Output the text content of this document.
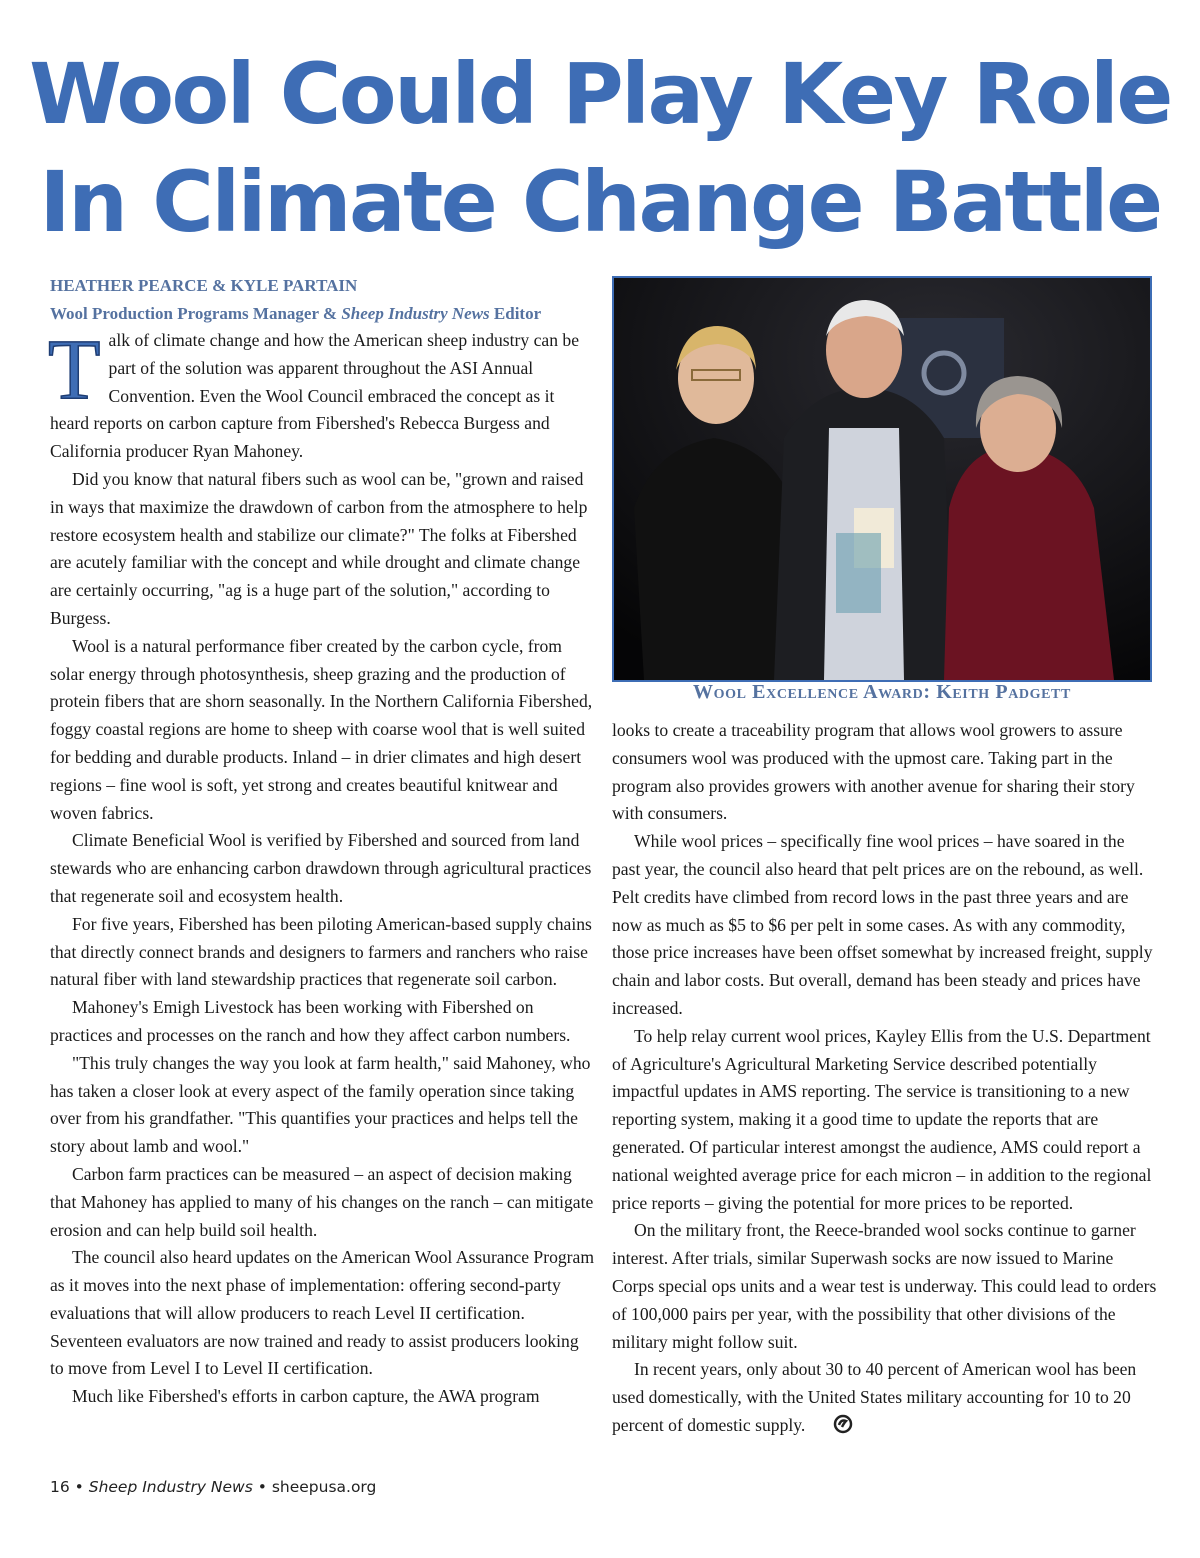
Wool Could Play Key Role
In Climate Change Battle
HEATHER PEARCE & KYLE PARTAIN
Wool Production Programs Manager & Sheep Industry News Editor

Talk of climate change and how the American sheep industry can be part of the solution was apparent throughout the ASI Annual Convention. Even the Wool Council embraced the concept as it heard reports on carbon capture from Fibershed's Rebecca Burgess and California producer Ryan Mahoney.

Did you know that natural fibers such as wool can be, "grown and raised in ways that maximize the drawdown of carbon from the atmosphere to help restore ecosystem health and stabilize our climate?" The folks at Fibershed are acutely familiar with the concept and while drought and climate change are certainly occurring, "ag is a huge part of the solution," according to Burgess.

Wool is a natural performance fiber created by the carbon cycle, from solar energy through photosynthesis, sheep grazing and the production of protein fibers that are shorn seasonally. In the Northern California Fibershed, foggy coastal regions are home to sheep with coarse wool that is well suited for bedding and durable products. Inland – in drier climates and high desert regions – fine wool is soft, yet strong and creates beautiful knitwear and woven fabrics.

Climate Beneficial Wool is verified by Fibershed and sourced from land stewards who are enhancing carbon drawdown through agricultural practices that regenerate soil and ecosystem health.

For five years, Fibershed has been piloting American-based supply chains that directly connect brands and designers to farmers and ranchers who raise natural fiber with land stewardship practices that regenerate soil carbon.

Mahoney's Emigh Livestock has been working with Fibershed on practices and processes on the ranch and how they affect carbon numbers.

"This truly changes the way you look at farm health," said Mahoney, who has taken a closer look at every aspect of the family operation since taking over from his grandfather. "This quantifies your practices and helps tell the story about lamb and wool."

Carbon farm practices can be measured – an aspect of decision making that Mahoney has applied to many of his changes on the ranch – can mitigate erosion and can help build soil health.

The council also heard updates on the American Wool Assurance Program as it moves into the next phase of implementation: offering second-party evaluations that will allow producers to reach Level II certification. Seventeen evaluators are now trained and ready to assist producers looking to move from Level I to Level II certification.

Much like Fibershed's efforts in carbon capture, the AWA program

Wool Excellence Award: Keith Padgett

looks to create a traceability program that allows wool growers to assure consumers wool was produced with the upmost care. Taking part in the program also provides growers with another avenue for sharing their story with consumers.

While wool prices – specifically fine wool prices – have soared in the past year, the council also heard that pelt prices are on the rebound, as well. Pelt credits have climbed from record lows in the past three years and are now as much as $5 to $6 per pelt in some cases. As with any commodity, those price increases have been offset somewhat by increased freight, supply chain and labor costs. But overall, demand has been steady and prices have increased.

To help relay current wool prices, Kayley Ellis from the U.S. Department of Agriculture's Agricultural Marketing Service described potentially impactful updates in AMS reporting. The service is transitioning to a new reporting system, making it a good time to update the reports that are generated. Of particular interest amongst the audience, AMS could report a national weighted average price for each micron – in addition to the regional price reports – giving the potential for more prices to be reported.

On the military front, the Reece-branded wool socks continue to garner interest. After trials, similar Superwash socks are now issued to Marine Corps special ops units and a wear test is underway. This could lead to orders of 100,000 pairs per year, with the possibility that other divisions of the military might follow suit.

In recent years, only about 30 to 40 percent of American wool has been used domestically, with the United States military accounting for 10 to 20 percent of domestic supply.

16 • Sheep Industry News • sheepusa.org
